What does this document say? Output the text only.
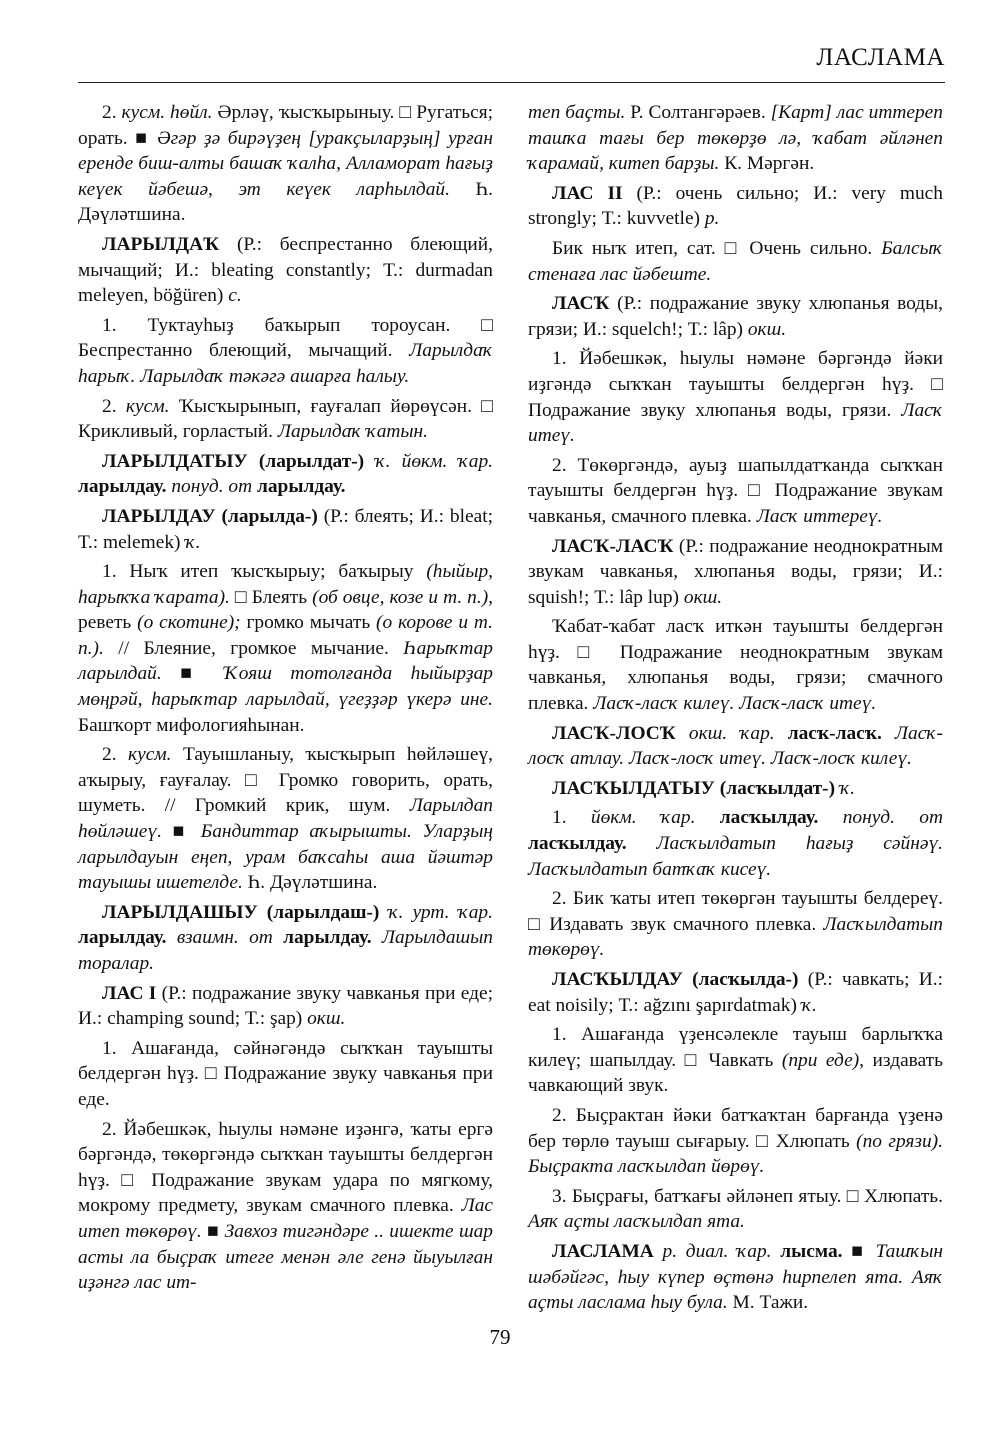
ЛАСЛАМА

2. кусм. һөйл. Әрләү, ҡысҡырыныу. □ Ругаться; орать. ■ Әгәр ҙә бирәүҙең [уракҫыларҙың] урған еренде биш-алты башаҡ ҡалһа, Алламорат һағыҙ кеүек йәбешә, эт кеүек ларһылдай. Һ. Дәүләтшина.

ЛАРЫЛДАҠ (Р.: беспрестанно блеющий, мычащий; И.: bleating constantly; Т.: durmadan meleyen, böğüren) с.

1. Туктауһыҙ баҡырып тороусан. □ Беспрестанно блеющий, мычащий. Ларылдаҡ һарыҡ. Ларылдаҡ тәкәгә ашарға һалыу.

2. кусм. Ҡысҡырынып, ғауғалап йөрөүсән. □ Крикливый, горластый. Ларылдаҡ ҡатын.

ЛАРЫЛДАТЫУ (ларылдат-) ҡ. йөкм. ҡар. ларылдау. понуд. от ларылдау.

ЛАРЫЛДАУ (ларылда-) (Р.: блеять; И.: bleat; Т.: melemek) ҡ.

1. Ныҡ итеп ҡысҡырыу; баҡырыу (һыйыр, һарыҡҡа ҡарата). □ Блеять (об овце, козе и т. п.), реветь (о скотине); громко мычать (о корове и т. п.). // Блеяние, громкое мычание. Һарыҡтар ларылдай. ■ Ҡояш тотолғанда һыйырҙар мөңрәй, һарыҡтар ларылдай, үгеҙҙәр үкерә ине. Башҡорт мифологияһынан.

2. кусм. Тауышланыу, ҡысҡырып һөйләшеү, аҡырыу, ғауғалау. □ Громко говорить, орать, шуметь. // Громкий крик, шум. Ларылдап һөйләшеү. ■ Бандиттар аҡырышты. Уларҙың ларылдауын еңеп, урам баҡсаһы аша йәштәр тауышы ишетелде. Һ. Дәүләтшина.

ЛАРЫЛДАШЫУ (ларылдаш-) ҡ. урт. ҡар. ларылдау. взаимн. от ларылдау. Ларылдашып торалар.

ЛАС I (Р.: подражание звуку чавканья при еде; И.: champing sound; Т.: şap) окш.

1. Ашағанда, сәйнәгәндә сыҡҡан тауышты белдергән һүҙ. □ Подражание звуку чавканья при еде.

2. Йәбешкәк, һыулы нәмәне иҙәнгә, ҡаты ергә бәргәндә, төкөргәндә сыҡҡан тауышты белдергән һүҙ. □ Подражание звукам удара по мягкому, мокрому предмету, звукам смачного плевка. Лас итеп төкөрөү. ■ Завхоз тигәндәре .. ишекте шар асты ла быҫраҡ итеге менән әле генә йыуылған иҙәнгә лас ит-

теп баҫты. Р. Солтангәрәев. [Карт] лас иттереп ташҡа тағы бер төкөрҙө лә, ҡабат әйләнеп ҡарамай, китеп барҙы. К. Мәргән.

ЛАС II (Р.: очень сильно; И.: very much strongly; Т.: kuvvetle) р.

Бик ныҡ итеп, сат. □ Очень сильно. Балсыҡ стенаға лас йәбеште.

ЛАСҠ (Р.: подражание звуку хлюпанья воды, грязи; И.: squelch!; Т.: lâp) окш.

1. Йәбешкәк, һыулы нәмәне бәргәндә йәки иҙгәндә сыҡҡан тауышты белдергән һүҙ. □ Подражание звуку хлюпанья воды, грязи. Ласҡ итеү.

2. Төкөргәндә, ауыҙ шапылдатҡанда сыҡҡан тауышты белдергән һүҙ. □ Подражание звукам чавканья, смачного плевка. Ласҡ иттереү.

ЛАСҠ-ЛАСҠ (Р.: подражание неоднократным звукам чавканья, хлюпанья воды, грязи; И.: squish!; Т.: lâp lup) окш.

Ҡабат-ҡабат ласҡ иткән тауышты белдергән һүҙ. □ Подражание неоднократным звукам чавканья, хлюпанья воды, грязи; смачного плевка. Ласҡ-ласҡ килеү. Ласҡ-ласҡ итеү.

ЛАСҠ-ЛОСҠ окш. ҡар. ласҡ-ласҡ. Ласҡ-лосҡ атлау. Ласҡ-лосҡ итеү. Ласҡ-лосҡ килеү.

ЛАСҠЫЛДАТЫУ (ласҡылдат-) ҡ.

1. йөкм. ҡар. ласҡылдау. понуд. от ласҡылдау. Ласҡылдатып һағыҙ сәйнәү. Ласҡылдатып батҡаҡ кисеү.

2. Бик ҡаты итеп төкөргән тауышты белдереү. □ Издавать звук смачного плевка. Ласҡылдатып төкөрөү.

ЛАСҠЫЛДАУ (ласҡылда-) (Р.: чавкать; И.: eat noisily; Т.: ağzını şapırdatmak) ҡ.

1. Ашағанда үҙенсәлекле тауыш барлыҡҡа килеү; шапылдау. □ Чавкать (при еде), издавать чавкающий звук.

2. Быҫрактан йәки батҡаҡтан барғанда үҙенә бер төрлө тауыш сығарыу. □ Хлюпать (по грязи). Быҫракта ласҡылдап йөрөү.

3. Быҫрағы, батҡағы әйләнеп ятыу. □ Хлюпать. Аяҡ аҫты ласҡылдап ята.

ЛАСЛАМА р. диал. ҡар. лысма. ■ Ташҡын шәбәйгәс, һыу күпер өҫтөнә һирпелеп ята. Аяҡ аҫты ласлама һыу була. М. Тажи.

79
